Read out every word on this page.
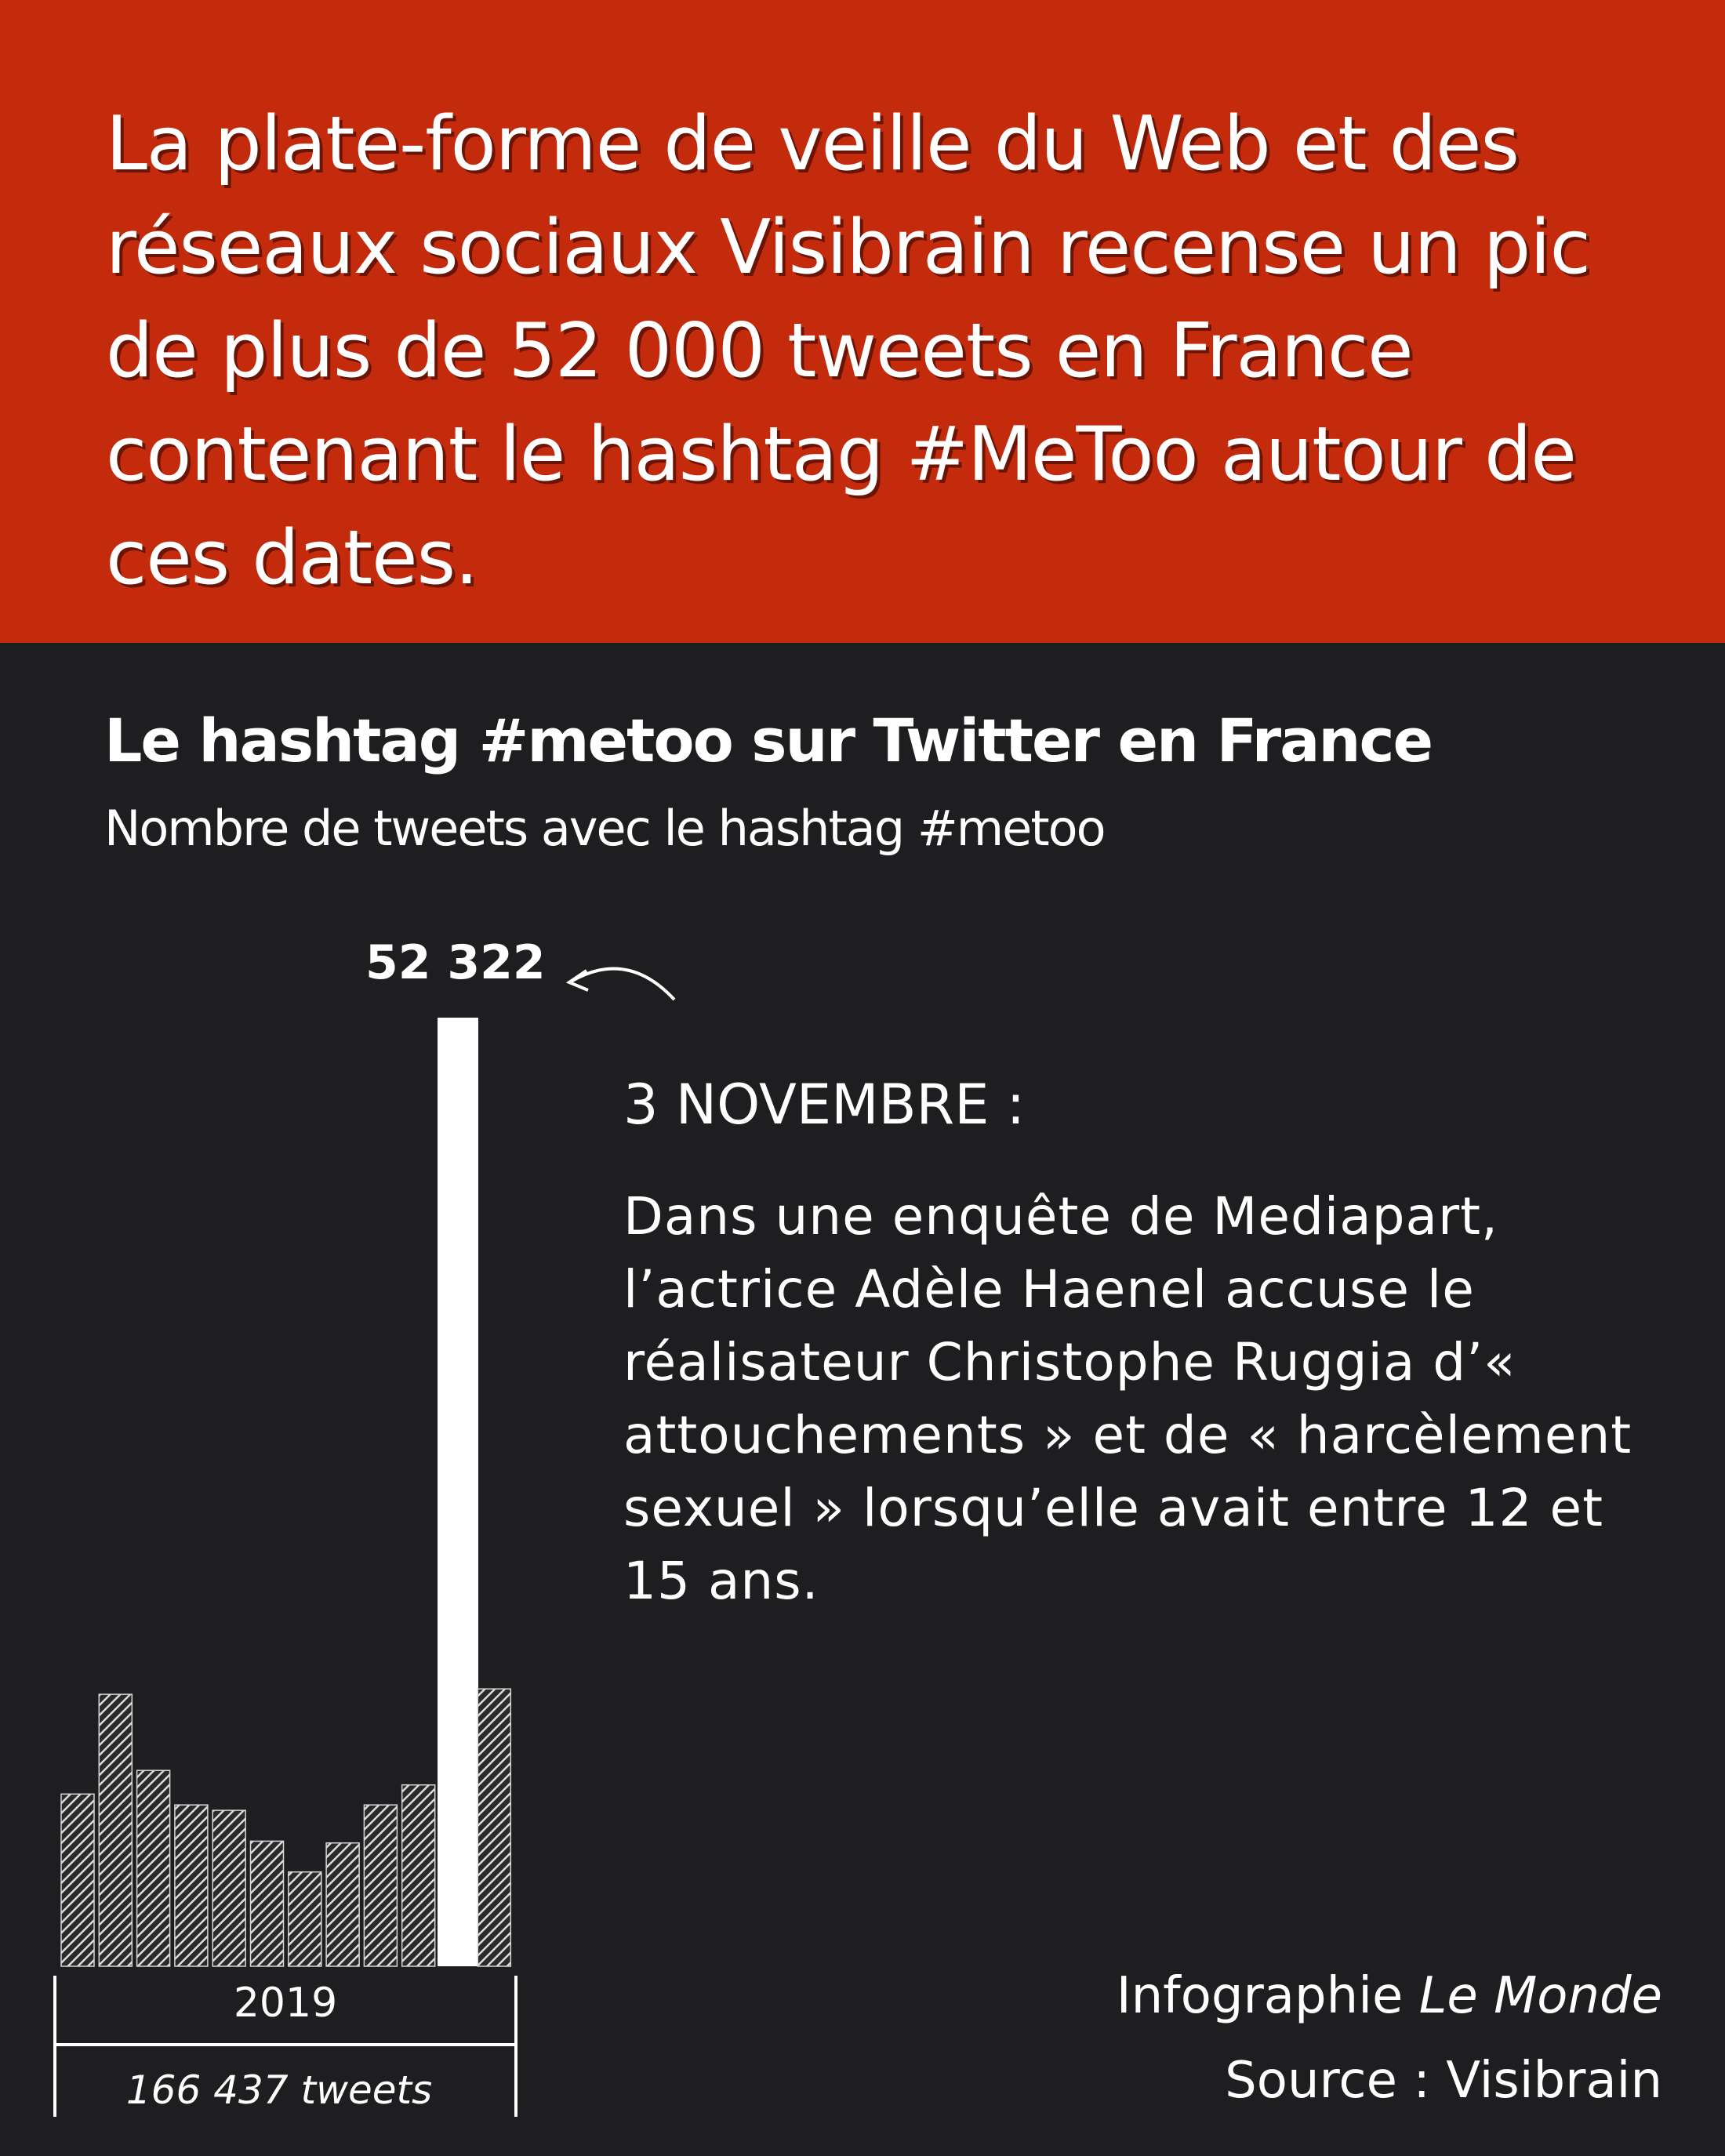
La plate-forme de veille du Web et des réseaux sociaux Visibrain recense un pic de plus de 52 000 tweets en France contenant le hashtag #MeToo autour de ces dates.

Le hashtag #metoo sur Twitter en France
Nombre de tweets avec le hashtag #metoo
2019
166 437 tweets
52 322
3 NOVEMBRE :

Dans une enquête de Mediapart, l’actrice Adèle Haenel accuse le réalisateur Christophe Ruggia d’« attouchements » et de « harcèlement sexuel » lorsqu’elle avait entre 12 et 15 ans.

Infographie Le Monde
Source : Visibrain
